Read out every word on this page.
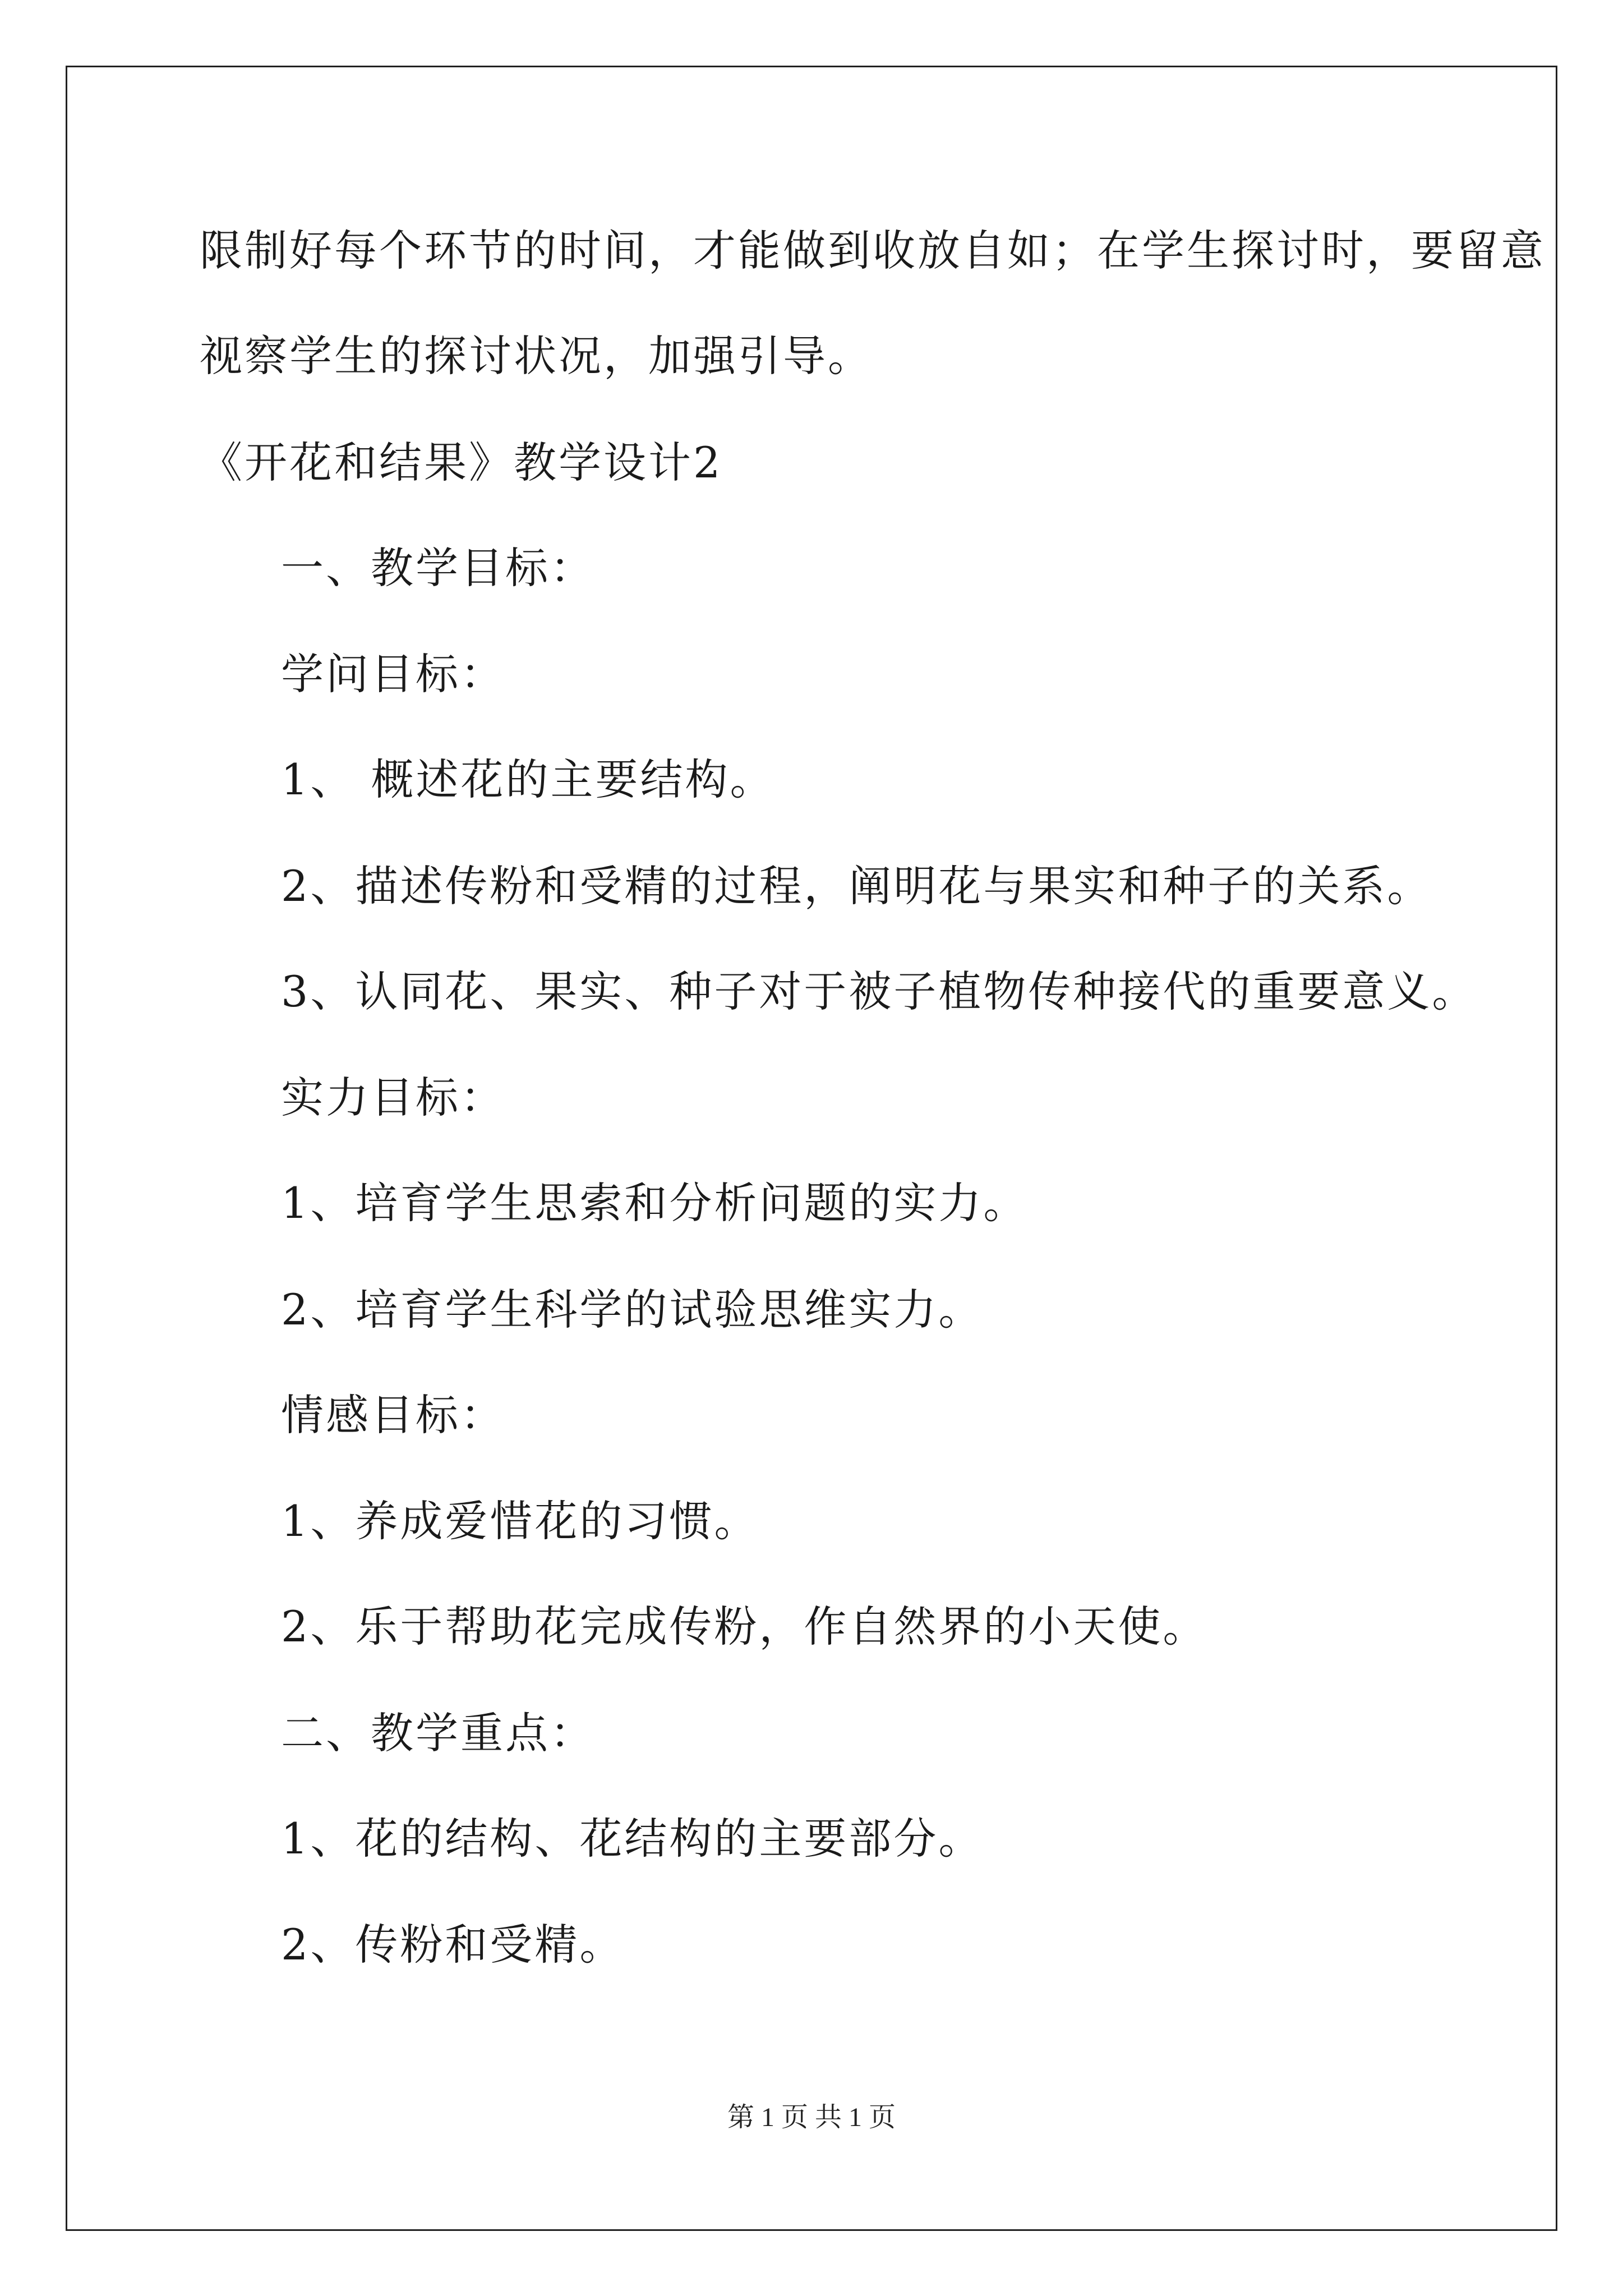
限制好每个环节的时间，才能做到收放自如；在学生探讨时，要留意
视察学生的探讨状况，加强引导。
《开花和结果》教学设计2
一、教学目标：
学问目标：
1、 概述花的主要结构。
2、描述传粉和受精的过程，阐明花与果实和种子的关系。
3、认同花、果实、种子对于被子植物传种接代的重要意义。
实力目标：
1、培育学生思索和分析问题的实力。
2、培育学生科学的试验思维实力。
情感目标：
1、养成爱惜花的习惯。
2、乐于帮助花完成传粉，作自然界的小天使。
二、教学重点：
1、花的结构、花结构的主要部分。
2、传粉和受精。
第 1 页 共 1 页
